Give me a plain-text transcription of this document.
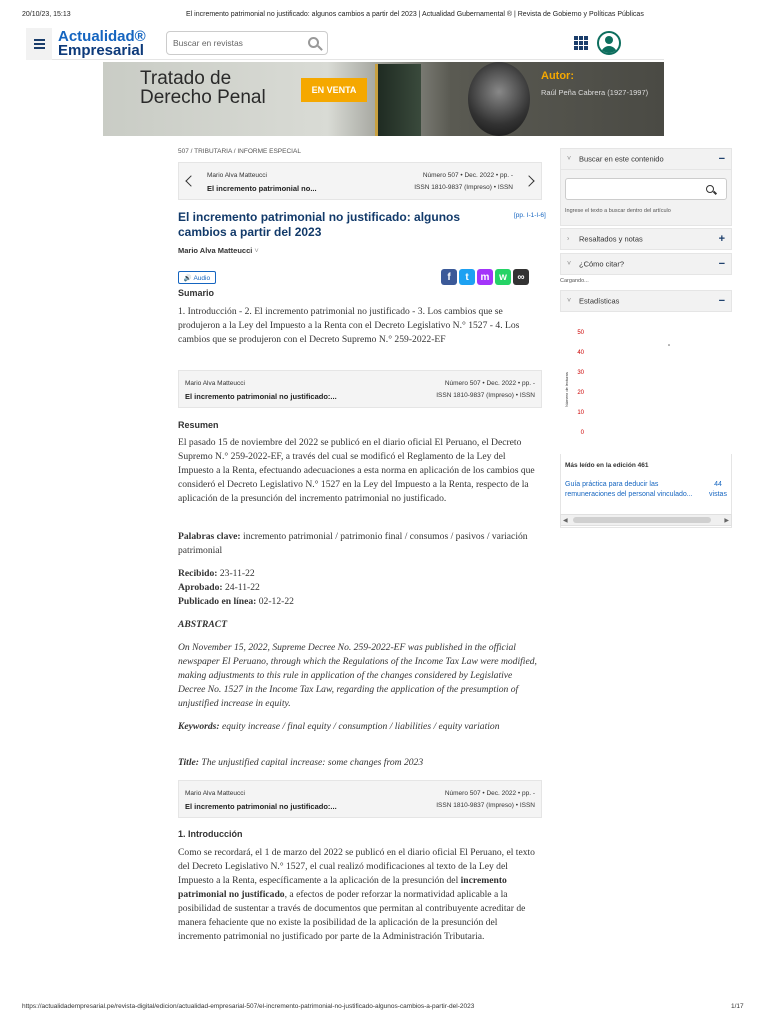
20/10/23, 15:13	El incremento patrimonial no justificado: algunos cambios a partir del 2023 | Actualidad Gubernamental ® | Revista de Gobierno y Políticas Públicas
Actualidad®
Empresarial
Buscar en revistas
Tratado de
Derecho Penal	EN VENTA
Autor:
Raúl Peña Cabrera (1927-1997)
507 / TRIBUTARIA / INFORME ESPECIAL
Mario Alva Matteucci
El incremento patrimonial no...
Número 507 • Dec. 2022 • pp. -
ISSN 1810-9837 (Impreso) • ISSN
El incremento patrimonial no justificado: algunos cambios a partir del 2023
[pp. I-1-I-6]
Mario Alva Matteucci ˅
🔊 Audio	f	t	m w	∞
Sumario
1. Introducción - 2. El incremento patrimonial no justificado - 3. Los cambios que se produjeron a la Ley del Impuesto a la Renta con el Decreto Legislativo N.° 1527 - 4. Los cambios que se produjeron con el Decreto Supremo N.° 259-2022-EF
Mario Alva Matteucci
El incremento patrimonial no justificado:...
Número 507 • Dec. 2022 • pp. -
ISSN 1810-9837 (Impreso) • ISSN
Resumen
El pasado 15 de noviembre del 2022 se publicó en el diario oficial El Peruano, el Decreto Supremo N.° 259-2022-EF, a través del cual se modificó el Reglamento de la Ley del Impuesto a la Renta, efectuando adecuaciones a esta norma en aplicación de los cambios que consideró el Decreto Legislativo N.° 1527 en la Ley del Impuesto a la Renta, respecto de la aplicación de la presunción del incremento patrimonial no justificado.
Palabras clave: incremento patrimonial / patrimonio final / consumos / pasivos / variación patrimonial
Recibido: 23-11-22
Aprobado: 24-11-22
Publicado en línea: 02-12-22
ABSTRACT
On November 15, 2022, Supreme Decree No. 259-2022-EF was published in the official newspaper El Peruano, through which the Regulations of the Income Tax Law were modified, making adjustments to this rule in application of the changes considered by Legislative Decree No. 1527 in the Income Tax Law, regarding the application of the presumption of unjustified increase in equity.
Keywords: equity increase / final equity / consumption / liabilities / equity variation
Title: The unjustified capital increase: some changes from 2023
Mario Alva Matteucci
El incremento patrimonial no justificado:...
Número 507 • Dec. 2022 • pp. -
ISSN 1810-9837 (Impreso) • ISSN
1. Introducción
Como se recordará, el 1 de marzo del 2022 se publicó en el diario oficial El Peruano, el texto del Decreto Legislativo N.° 1527, el cual realizó modificaciones al texto de la Ley del Impuesto a la Renta, específicamente a la aplicación de la presunción del incremento patrimonial no justificado, a efectos de poder reforzar la normatividad aplicable a la posibilidad de sustentar a través de documentos que permitan al contribuyente acreditar de manera fehaciente que no existe la posibilidad de la aplicación de la presunción del incremento patrimonial no justificado por parte de la Administración Tributaria.
˅ Buscar en este contenido	−
Ingrese el texto a buscar dentro del artículo
› Resaltados y notas	+
˅ ¿Cómo citar?	−
Cargando...
˅ Estadísticas	−
50
40
30
20
10
0
Número de lecturas
Más leído en la edición 461
Guía práctica para deducir las remuneraciones del personal vinculado...
44 vistas
◀	▶
https://actualidadempresarial.pe/revista-digital/edicion/actualidad-empresarial-507/el-incremento-patrimonial-no-justificado-algunos-cambios-a-partir-del-2023	1/17
